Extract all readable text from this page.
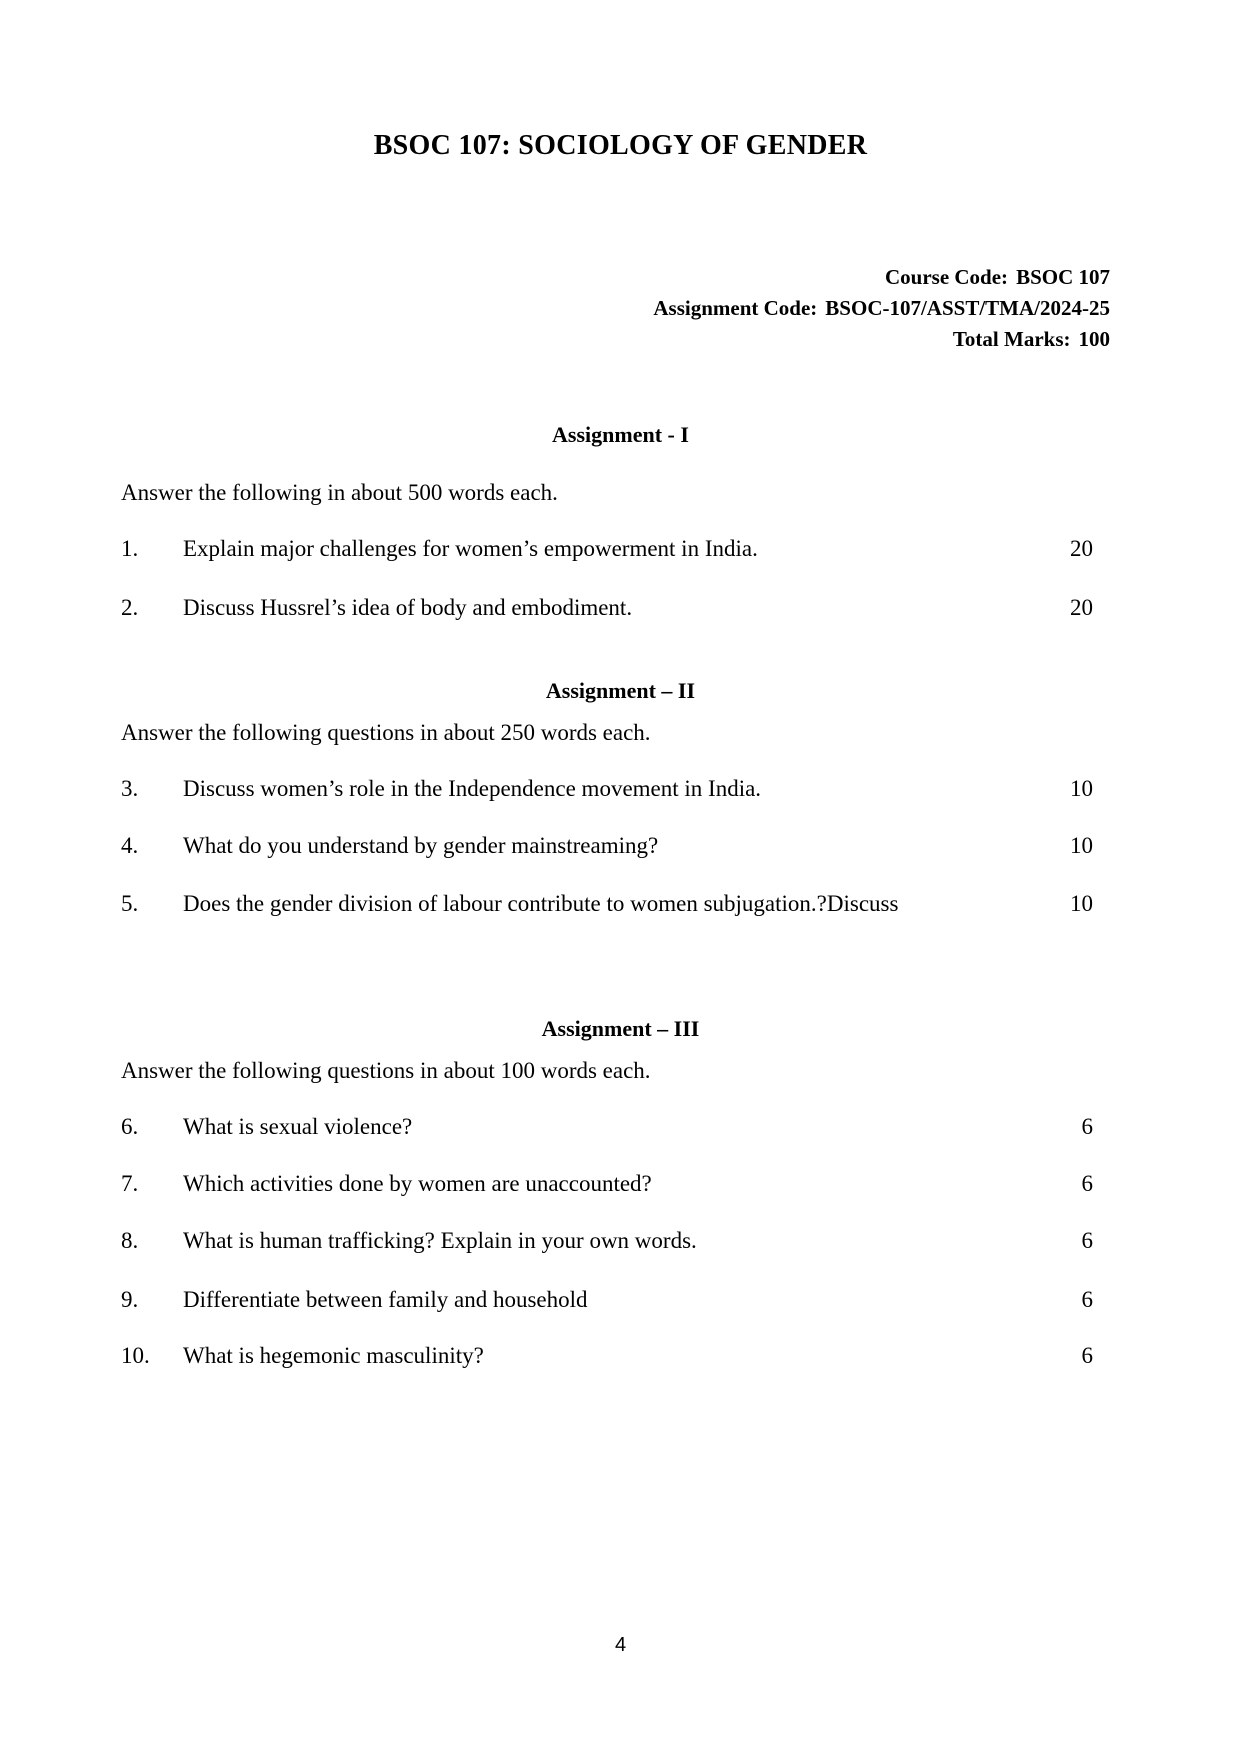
BSOC 107: SOCIOLOGY OF GENDER
Course Code: BSOC 107
Assignment Code: BSOC-107/ASST/TMA/2024-25
Total Marks: 100
Assignment - I

Answer the following in about 500 words each.

1.	Explain major challenges for women’s empowerment in India.	20
2.	Discuss Hussrel’s idea of body and embodiment.	20
Assignment – II

Answer the following questions in about 250 words each.

3.	Discuss women’s role in the Independence movement in India.	10
4.	What do you understand by gender mainstreaming?	10
5.	Does the gender division of labour contribute to women subjugation.?Discuss	10
Assignment – III

Answer the following questions in about 100 words each.

6.	What is sexual violence?	6
7.	Which activities done by women are unaccounted?	6
8.	What is human trafficking? Explain in your own words.	6
9.	Differentiate between family and household	6
10.	What is hegemonic masculinity?	6
4
